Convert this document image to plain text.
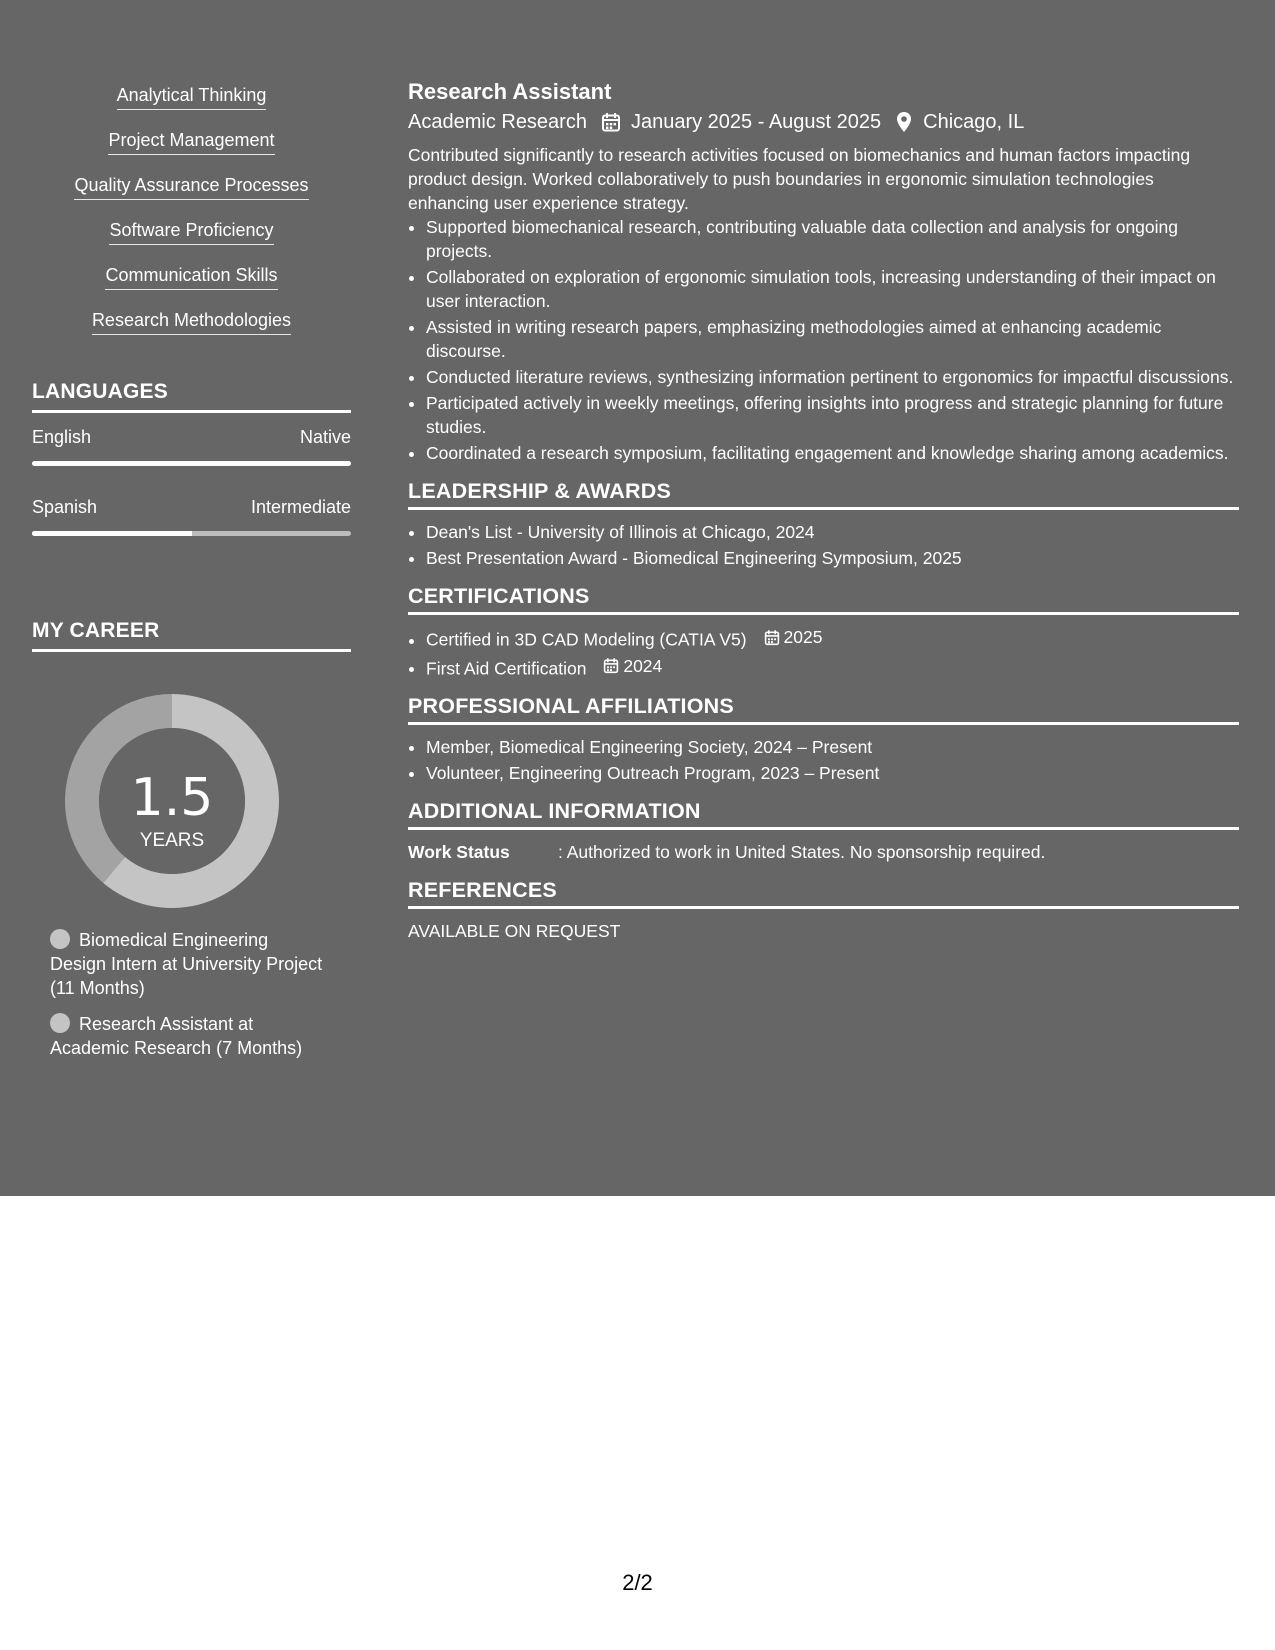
Analytical Thinking
Project Management
Quality Assurance Processes
Software Proficiency
Communication Skills
Research Methodologies
LANGUAGES
English	Native
Spanish	Intermediate
MY CAREER
1.5
YEARS
Biomedical Engineering Design Intern at University Project (11 Months)
Research Assistant at Academic Research (7 Months)
Research Assistant
Academic Research January 2025 - August 2025 Chicago, IL
Contributed significantly to research activities focused on biomechanics and human factors impacting product design. Worked collaboratively to push boundaries in ergonomic simulation technologies enhancing user experience strategy.
• Supported biomechanical research, contributing valuable data collection and analysis for ongoing projects.
• Collaborated on exploration of ergonomic simulation tools, increasing understanding of their impact on user interaction.
• Assisted in writing research papers, emphasizing methodologies aimed at enhancing academic discourse.
• Conducted literature reviews, synthesizing information pertinent to ergonomics for impactful discussions.
• Participated actively in weekly meetings, offering insights into progress and strategic planning for future studies.
• Coordinated a research symposium, facilitating engagement and knowledge sharing among academics.
LEADERSHIP & AWARDS
• Dean's List - University of Illinois at Chicago, 2024
• Best Presentation Award - Biomedical Engineering Symposium, 2025
CERTIFICATIONS
• Certified in 3D CAD Modeling (CATIA V5) 2025
• First Aid Certification 2024
PROFESSIONAL AFFILIATIONS
• Member, Biomedical Engineering Society, 2024 – Present
• Volunteer, Engineering Outreach Program, 2023 – Present
ADDITIONAL INFORMATION
Work Status	: Authorized to work in United States. No sponsorship required.
REFERENCES
AVAILABLE ON REQUEST
2/2
